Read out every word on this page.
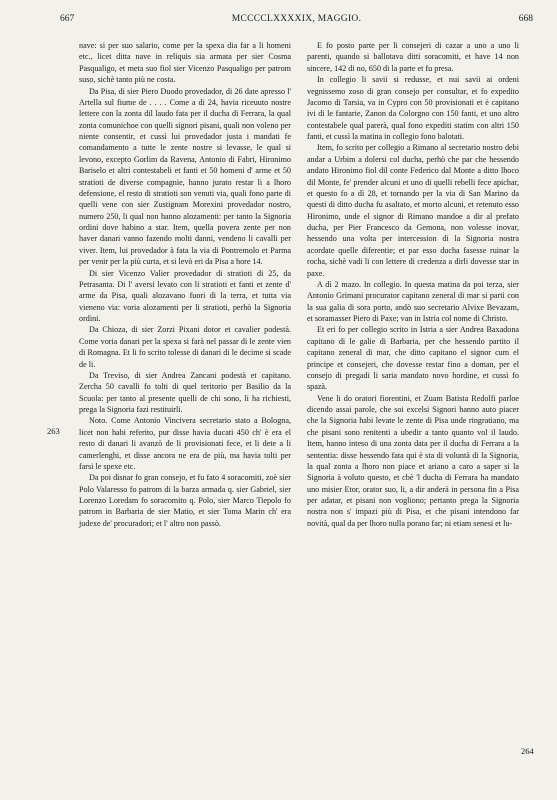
667	MCCCCLXXXXIX, MAGGIO.	668
263
264

nave: si per suo salario, come per la spexa dia far a li homeni etc., licet ditta nave in reliquis sia armata per sier Cosma Pasqualigo, et meta suo fiol sier Vicenzo Pasqualigo per patrom suso, sichè tanto più ne costa.

Da Pisa, di sier Piero Duodo provedador, di 26 date apresso l' Artella sul fiume de . . . . Come a di 24, havia riceuuto nostre lettere con la zonta dil laudo fata per il ducha di Ferrara, la qual zonta comunichoe con quelli signori pisani, quali non voleno per niente consentir, et cussì lui provedador justa i mandati fe comandamento a tutte le zente nostre si levasse, le qual si levono, excepto Gorlim da Ravena, Antonio di Fabri, Hironimo Bariselo et altri contestabeli et fanti et 50 homeni d' arme et 50 stratioti de diverse compagnie, hanno jurato restar li a lhoro defensione, el resto di stratioti son venuti via, quali fono parte di quelli vene con sier Zustignam Morexini provedador nostro, numero 250, li qual non hanno alozamenti: per tanto la Signoria ordini dove habino a star. Item, quella povera zente per non haver danari vanno fazendo molti danni, vendeno li cavalli per viver. Item, lui provedador à fata la via di Pontremolo et Parma per venir per la più curta, et si levò eri da Pisa a hore 14.

Di sier Vicenzo Valier provedador di stratioti di 25, da Petrasanta. Di l' aversi levato con li stratioti et fanti et zente d' arme da Pisa, quali alozavano fuori di la terra, et tutta via vieneno via: voria alozamenti per li stratioti, perhò la Signoria ordini.

Da Chioza, di sier Zorzi Pixani dotor et cavalier podestà. Come voria danari per la spexa si farà nel passar di le zente vien di Romagna. Et li fo scrito tolesse di danari di le decime si scade de li.

Da Treviso, di sier Andrea Zancani podestà et capitano. Zercha 50 cavalli fo tolti di quel teritorio per Basilio da la Scuola: per tanto al presente quelli de chi sono, li ha richiesti, prega la Signoria fazi restituirli.

Noto. Come Antonio Vincivera secretario stato a Bologna, licet non habi referito, pur disse havia ducati 450 ch' è era el resto di danari li avanzò de li provisionati fece, et li dete a li camerlenghi, et disse ancora ne era de più, ma havia tolti per farsi le spexe etc.

Da poi disnar fo gran consejo, et fu fato 4 soracomiti, zoè sier Polo Valaresso fo patrom di la barza armada q. sier Gabriel, sier Lorenzo Loredam fo soracomito q. Polo, sier Marco Tiepolo fo patrom in Barbaria de sier Matio, et sier Toma Marin ch' era judexe de' procuradori; et l' altro non passò.

E fo posto parte per li consejeri di cazar a uno a uno li parenti, quando si ballotava ditti soracomiti, et have 14 non sincere, 142 di no, 650 di la parte et fu presa.

In collegio li savii si redusse, et nui savii ai ordeni vegnissemo zoso di gran consejo per consultar, et fo expedito Jacomo di Tarsia, va in Cypro con 50 provisionati et è capitano ivi di le fantarie, Zanon da Colorgno con 150 fanti, et uno altro contestabele qual parerà, qual fono expediti statim con altri 150 fanti, et cussì la matina in collegio fono balotati.

Item, fo scrito per collegio a Rimano al secretario nostro debi andar a Urbim a dolersi col ducha, perhò che par che hessendo andato Hironimo fiol dil conte Federico dal Monte a ditto lhoco dil Monte, fe' prender alcuni et uno di quelli rebelli fece apichar, et questo fo a dì 28, et tornando per la via di San Marino da questi di ditto ducha fu asaltato, et morto alcuni, et retenuto esso Hironimo, unde el signor di Rimano mandoe a dir al prefato ducha, per Pier Francesco da Gemona, non volesse inovar, hessendo una volta per intercession di la Signoria nostra acordate quelle diferentie; et par esso ducha fasesse ruinar la rocha, sichè vadi li con lettere di credenza a dirli dovesse star in paxe.

A dì 2 mazo. In collegio. In questa matina da poi terza, sier Antonio Grimani procurator capitano zeneral di mar si partì con la sua galia di sora porto, andò suo secretario Alvixe Bevazam, et soramasser Piero di Paxe; van in Istria col nome di Christo.

Et eri fo per collegio scrito in Istria a sier Andrea Baxadona capitano di le galie di Barbaria, per che hessendo partito il capitano zeneral di mar, che ditto capitano el signor cum el principe et consejeri, che dovesse restar fino a doman, per el consejo di pregadi li saria mandato novo hordine, et cussì fo spazà.

Vene li do oratori fiorentini, et Zuam Batista Redolfi parloe dicendo assai parole, che soi excelsi Signori hanno auto piacer che la Signoria habi levate le zente di Pisa unde ringratiano, ma che pisani sono renitenti a ubedir a tanto quanto vol il laudo. Item, hanno inteso di una zonta data per il ducha di Ferrara a la sententia: disse hessendo fata qui è sta di voluntà di la Signoria, la qual zonta a lhoro non piace et ariano a caro a saper si la Signoria à voluto questo, et cbè 'l ducha di Ferrara ha mandato uno misier Etor, orator suo, li, a dir anderà in persona fin a Pisa per adatar, et pisani non vogliono; pertanto prega la Signoria nostra non s' impazi più di Pisa, et che pisani intendono far novità, qual da per lhoro nulla porano far; ni etiam senesi et lu-
